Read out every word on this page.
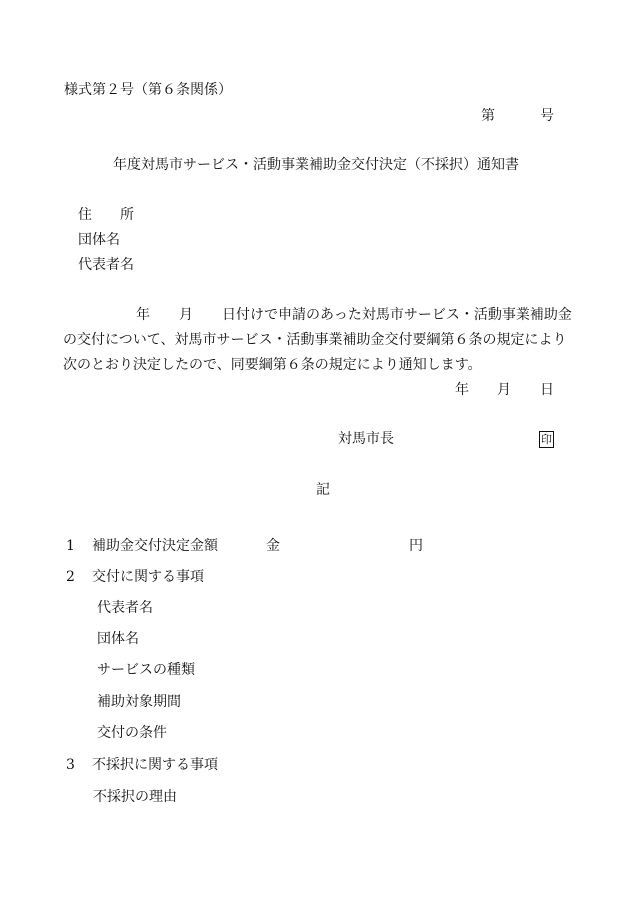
様式第２号（第６条関係）
第	号
年度対馬市サービス・活動事業補助金交付決定（不採択）通知書
住　　所
団体名
代表者名
年 月 日付けで申請のあった対馬市サービス・活動事業補助金
の交付について、対馬市サービス・活動事業補助金交付要綱第６条の規定により
次のとおり決定したので、同要綱第６条の規定により通知します。
年 月 日
対馬市長	印
記
1 補助金交付決定金額	金	円
2 交付に関する事項
代表者名
団体名
サービスの種類
補助対象期間
交付の条件
3 不採択に関する事項
不採択の理由
